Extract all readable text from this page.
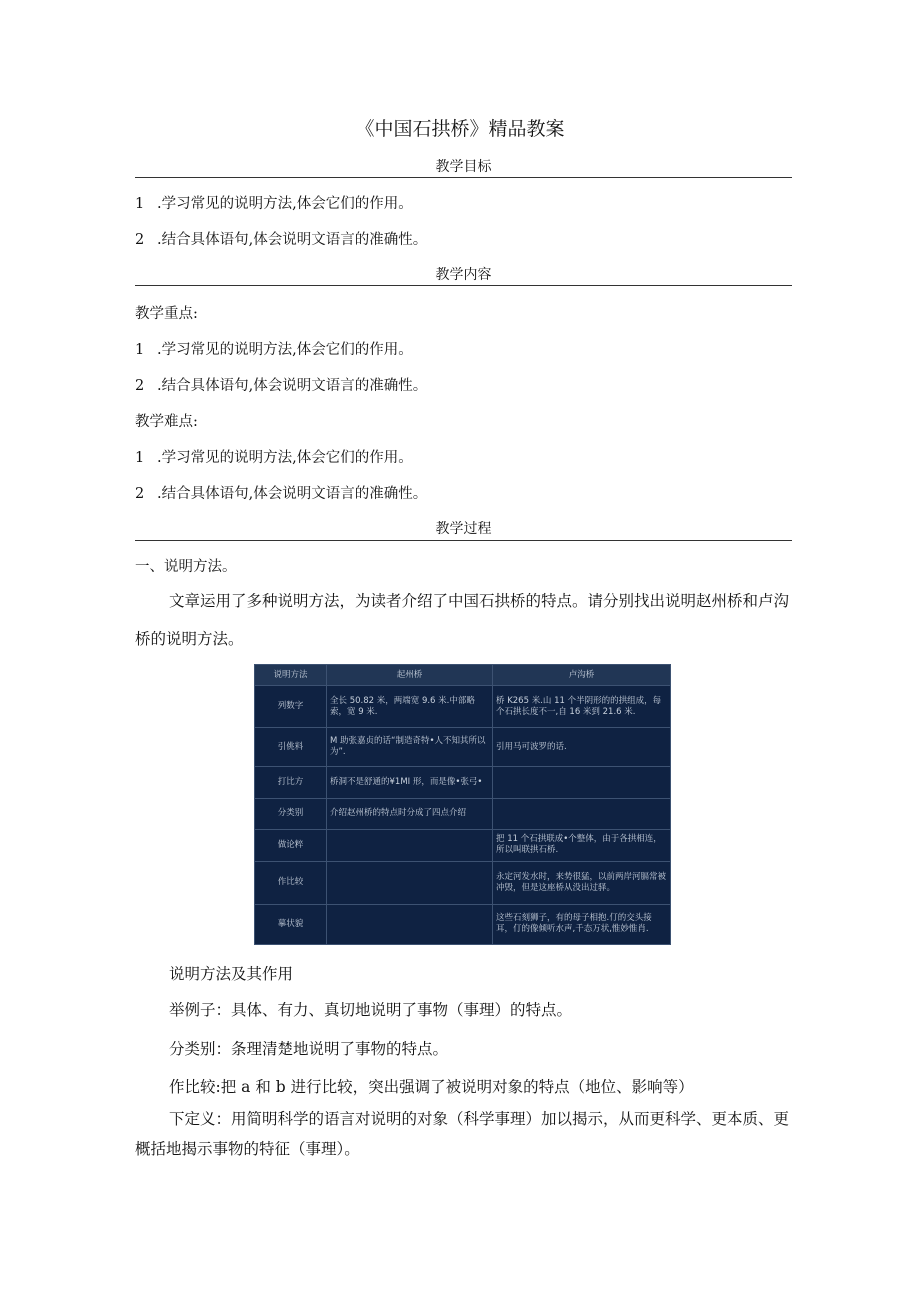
《中国石拱桥》精品教案
教学目标
1 .学习常见的说明方法,体会它们的作用。
2 .结合具体语句,体会说明文语言的准确性。
教学内容
教学重点:
1 .学习常见的说明方法,体会它们的作用。
2 .结合具体语句,体会说明文语言的准确性。
教学难点:
1 .学习常见的说明方法,体会它们的作用。
2 .结合具体语句,体会说明文语言的准确性。
教学过程
一、说明方法。
文章运用了多种说明方法，为读者介绍了中国石拱桥的特点。请分别找出说明赵州桥和卢沟桥的说明方法。
说明方法	起州桥	卢沟桥
列数字	全长 50.82 米，两端宽 9.6 米.中部略索，宽 9 米.	桥 K265 米.山 11 个半阴形的的拱组成，每个石拱长度不一,自 16 米到 21.6 米.
引佻料	M 助张嘉贞的话“制造奇特•人不知其所以为”.	引用马可波罗的话.
打比方	桥洞不是舒通的¥1MI 形，而是像•张弓•	
分类别	介绍赵州桥的特点时分成了四点介绍	
做论粹		把 11 个石拱联成•个整体，由于各拱相连，所以叫联拱石桥.
作比较		永定河发水时，来势很猛，以前两岸河膈常被冲毁，但是这座桥从没出过驿。
摹状貌		这些石刻狮子，有的母子相抱.仃的交头接耳，仃的像倾听水声,千态万状,惟妙惟肖.
说明方法及其作用
举例子：具体、有力、真切地说明了事物（事理）的特点。
分类别：条理清楚地说明了事物的特点。
作比较:把 a 和 b 进行比较，突出强调了被说明对象的特点（地位、影响等）
下定义：用简明科学的语言对说明的对象（科学事理）加以揭示，从而更科学、更本质、更概括地揭示事物的特征（事理）。
